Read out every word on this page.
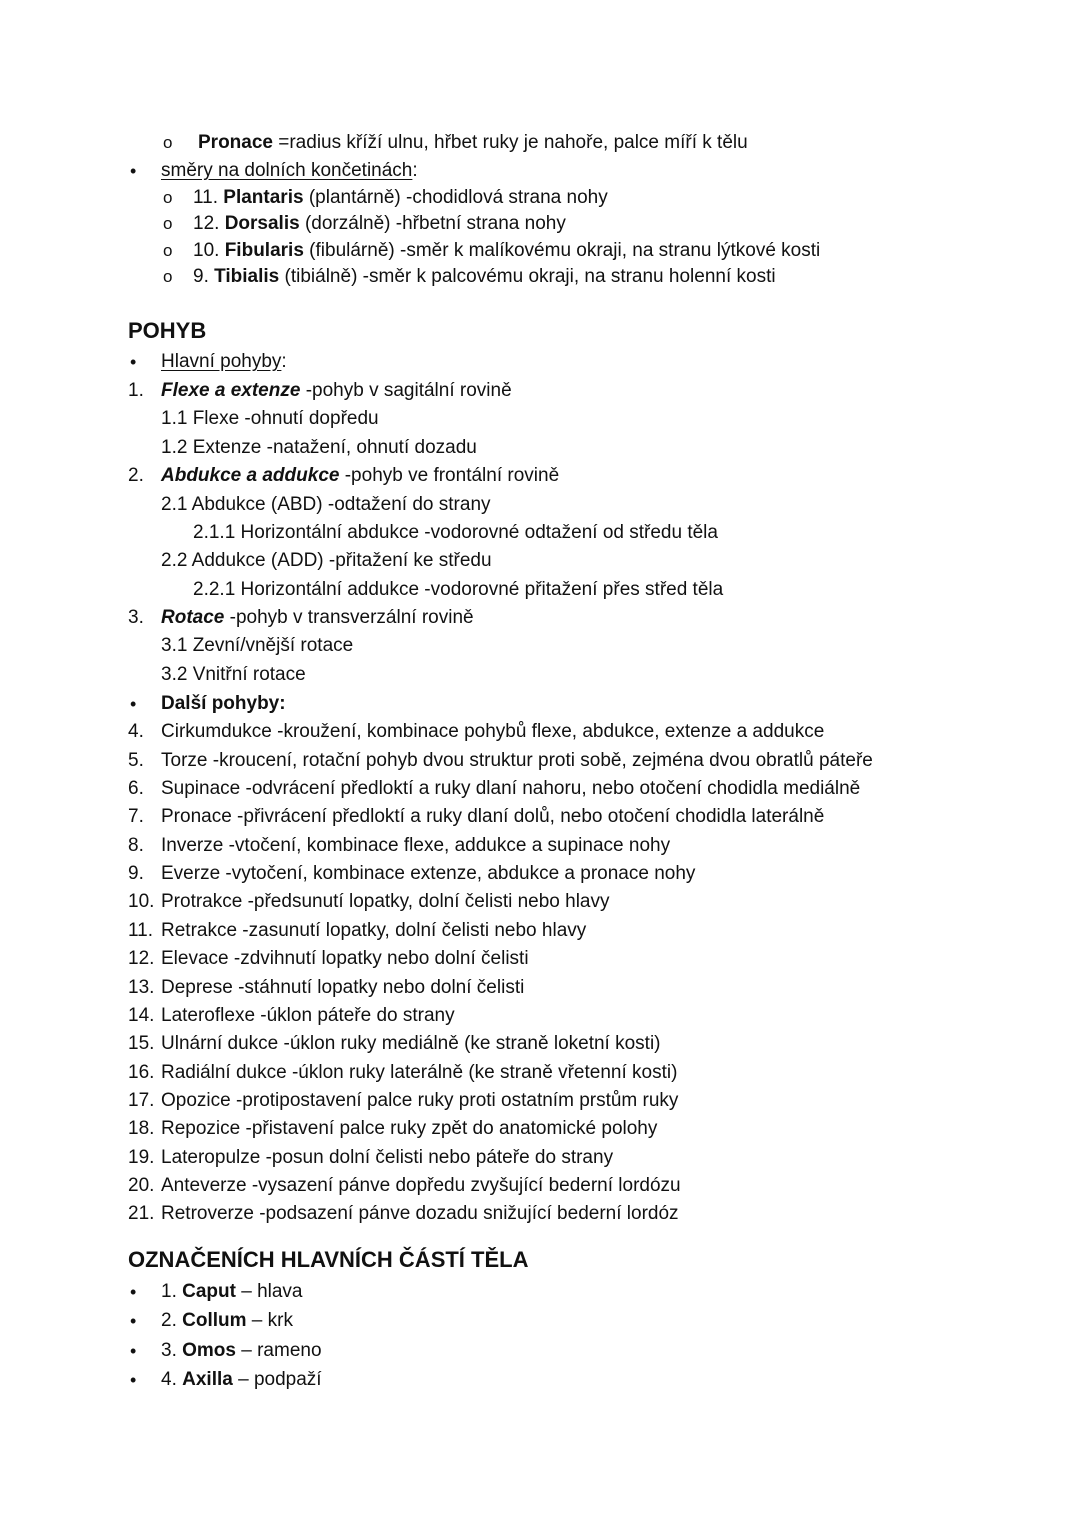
o Pronace =radius kříží ulnu, hřbet ruky je nahoře, palce míří k tělu
• směry na dolních končetinách:
o 11. Plantaris (plantárně) -chodidlová strana nohy
o 12. Dorsalis (dorzálně) -hřbetní strana nohy
o 10. Fibularis (fibulárně) -směr k malíkovému okraji, na stranu lýtkové kosti
o 9. Tibialis (tibiálně) -směr k palcovému okraji, na stranu holenní kosti
POHYB
• Hlavní pohyby:
1. Flexe a extenze -pohyb v sagitální rovině
1.1 Flexe -ohnutí dopředu
1.2 Extenze -natažení, ohnutí dozadu
2. Abdukce a addukce -pohyb ve frontální rovině
2.1 Abdukce (ABD) -odtažení do strany
2.1.1 Horizontální abdukce -vodorovné odtažení od středu těla
2.2 Addukce (ADD) -přitažení ke středu
2.2.1 Horizontální addukce -vodorovné přitažení přes střed těla
3. Rotace -pohyb v transverzální rovině
3.1 Zevní/vnější rotace
3.2 Vnitřní rotace
• Další pohyby:
4. Cirkumdukce -kroužení, kombinace pohybů flexe, abdukce, extenze a addukce
5. Torze -kroucení, rotační pohyb dvou struktur proti sobě, zejména dvou obratlů páteře
6. Supinace -odvrácení předloktí a ruky dlaní nahoru, nebo otočení chodidla mediálně
7. Pronace -přivrácení předloktí a ruky dlaní dolů, nebo otočení chodidla laterálně
8. Inverze -vtočení, kombinace flexe, addukce a supinace nohy
9. Everze -vytočení, kombinace extenze, abdukce a pronace nohy
10. Protrakce -předsunutí lopatky, dolní čelisti nebo hlavy
11. Retrakce -zasunutí lopatky, dolní čelisti nebo hlavy
12. Elevace -zdvihnutí lopatky nebo dolní čelisti
13. Deprese -stáhnutí lopatky nebo dolní čelisti
14. Lateroflexe -úklon páteře do strany
15. Ulnární dukce -úklon ruky mediálně (ke straně loketní kosti)
16. Radiální dukce -úklon ruky laterálně (ke straně vřetenní kosti)
17. Opozice -protipostavení palce ruky proti ostatním prstům ruky
18. Repozice -přistavení palce ruky zpět do anatomické polohy
19. Lateropulze -posun dolní čelisti nebo páteře do strany
20. Anteverze -vysazení pánve dopředu zvyšující bederní lordózu
21. Retroverze -podsazení pánve dozadu snižující bederní lordóz
OZNAČENÍCH HLAVNÍCH ČÁSTÍ TĚLA
• 1. Caput – hlava
• 2. Collum – krk
• 3. Omos – rameno
• 4. Axilla – podpaží
